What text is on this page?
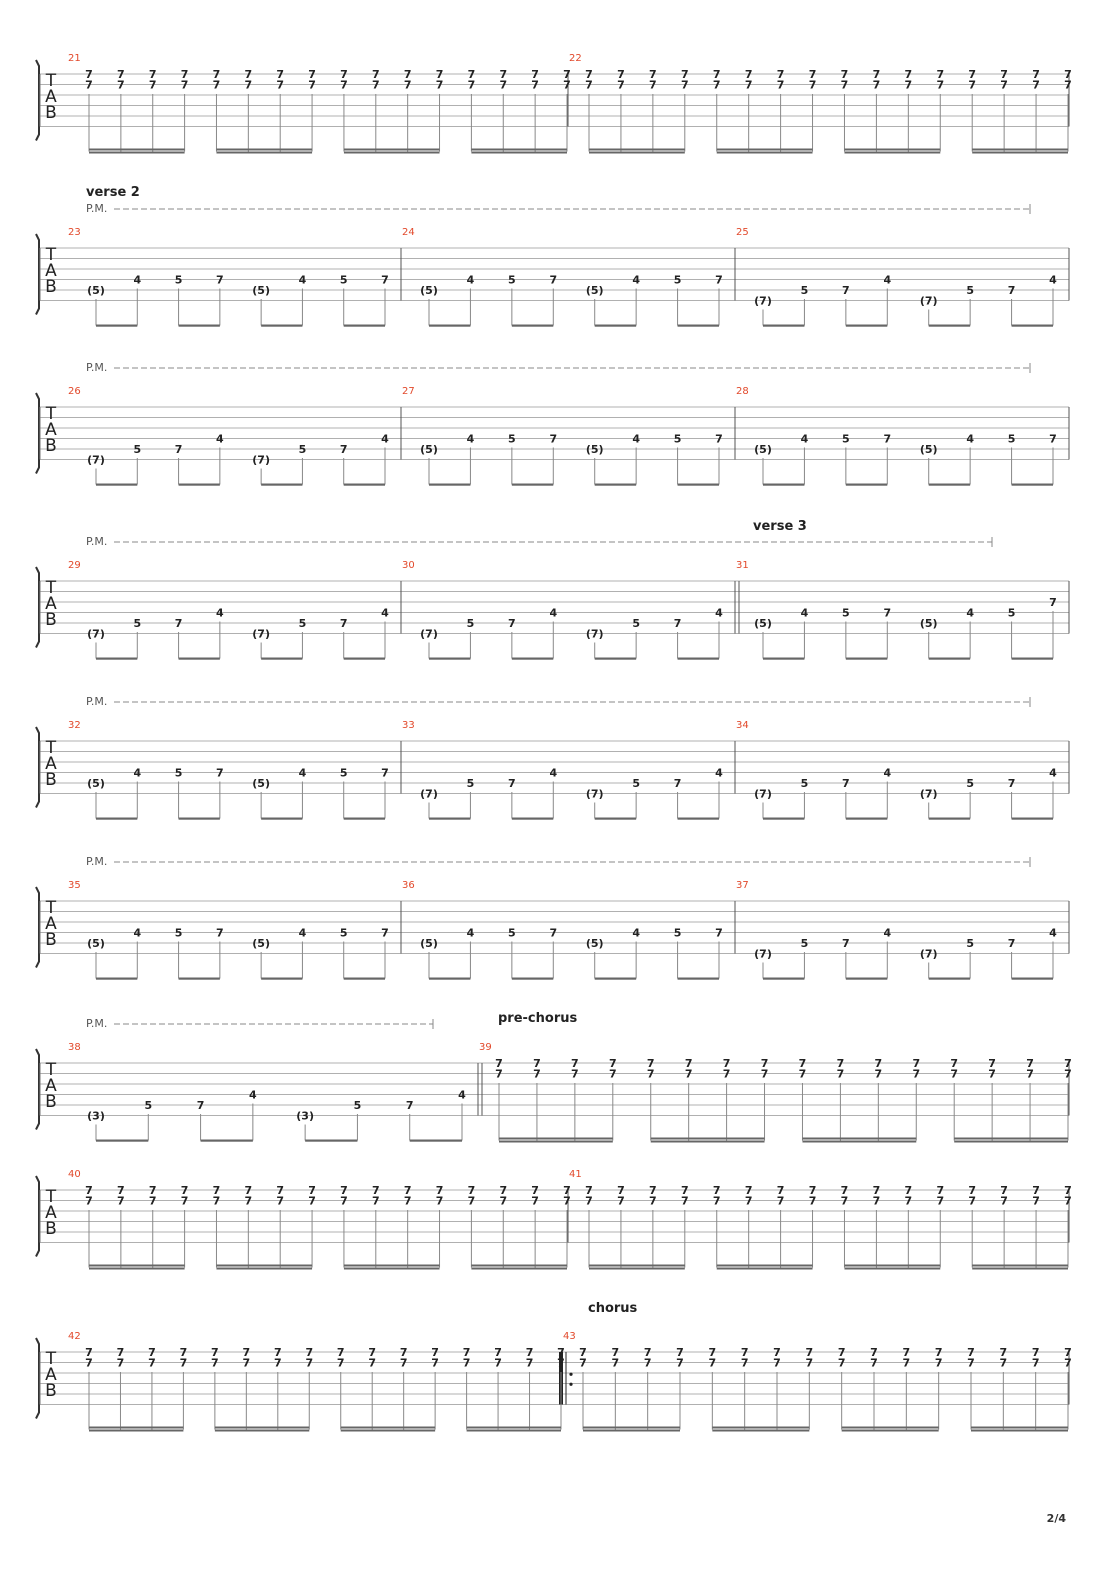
T
A
B
21
7
7
7
7
7
7
7
7
7
7
7
7
7
7
7
7
7
7
7
7
7
7
7
7
7
7
7
7
7
7
7
7
22
7
7
7
7
7
7
7
7
7
7
7
7
7
7
7
7
7
7
7
7
7
7
7
7
7
7
7
7
7
7
7
7
T
A
B
23
(5)
4	5	7
(5)
4	5	7
24
(5)
4	5	7
(5)
4	5	7
25
(7)
5	7
4
(7)
5	7
4
P.M.
verse 2
T
A
B
26
(7)
5	7
4
(7)
5	7
4
27
(5)
4	5	7
(5)
4	5	7
28
(5)
4	5	7
(5)
4	5	7
P.M.
T
A
B
29
(7)
5	7
4
(7)
5	7
4
30
(7)
5	7
4
(7)
5	7
4
31
verse 3
(5)
4	5	7
(5)
4	5
7
P.M.
T
A
B
32
(5)
4	5	7
(5)
4	5	7
33
(7)
5	7
4
(7)
5	7
4
34
(7)
5	7
4
(7)
5	7
4
P.M.
T
A
B
35
(5)
4	5	7
(5)
4	5	7
36
(5)
4	5	7
(5)
4	5	7
37
(7)
5	7
4
(7)
5	7
4
P.M.
T
A
B
38
(3)
5	7
4
(3)
5	7
4
39
pre-chorus
7
7
7
7
7
7
7
7
7
7
7
7
7
7
7
7
7
7
7
7
7
7
7
7
7
7
7
7
7
7
7
7
P.M.
T
A
B
40
7
7
7
7
7
7
7
7
7
7
7
7
7
7
7
7
7
7
7
7
7
7
7
7
7
7
7
7
7
7
7
7
41
7
7
7
7
7
7
7
7
7
7
7
7
7
7
7
7
7
7
7
7
7
7
7
7
7
7
7
7
7
7
7
7
T
A
B
42
7
7
7
7
7
7
7
7
7
7
7
7
7
7
7
7
7
7
7
7
7
7
7
7
7
7
7
7
7
7
7
7
43
chorus
7
7
7
7
7
7
7
7
7
7
7
7
7
7
7
7
7
7
7
7
7
7
7
7
7
7
7
7
7
7
7
7
2/4
